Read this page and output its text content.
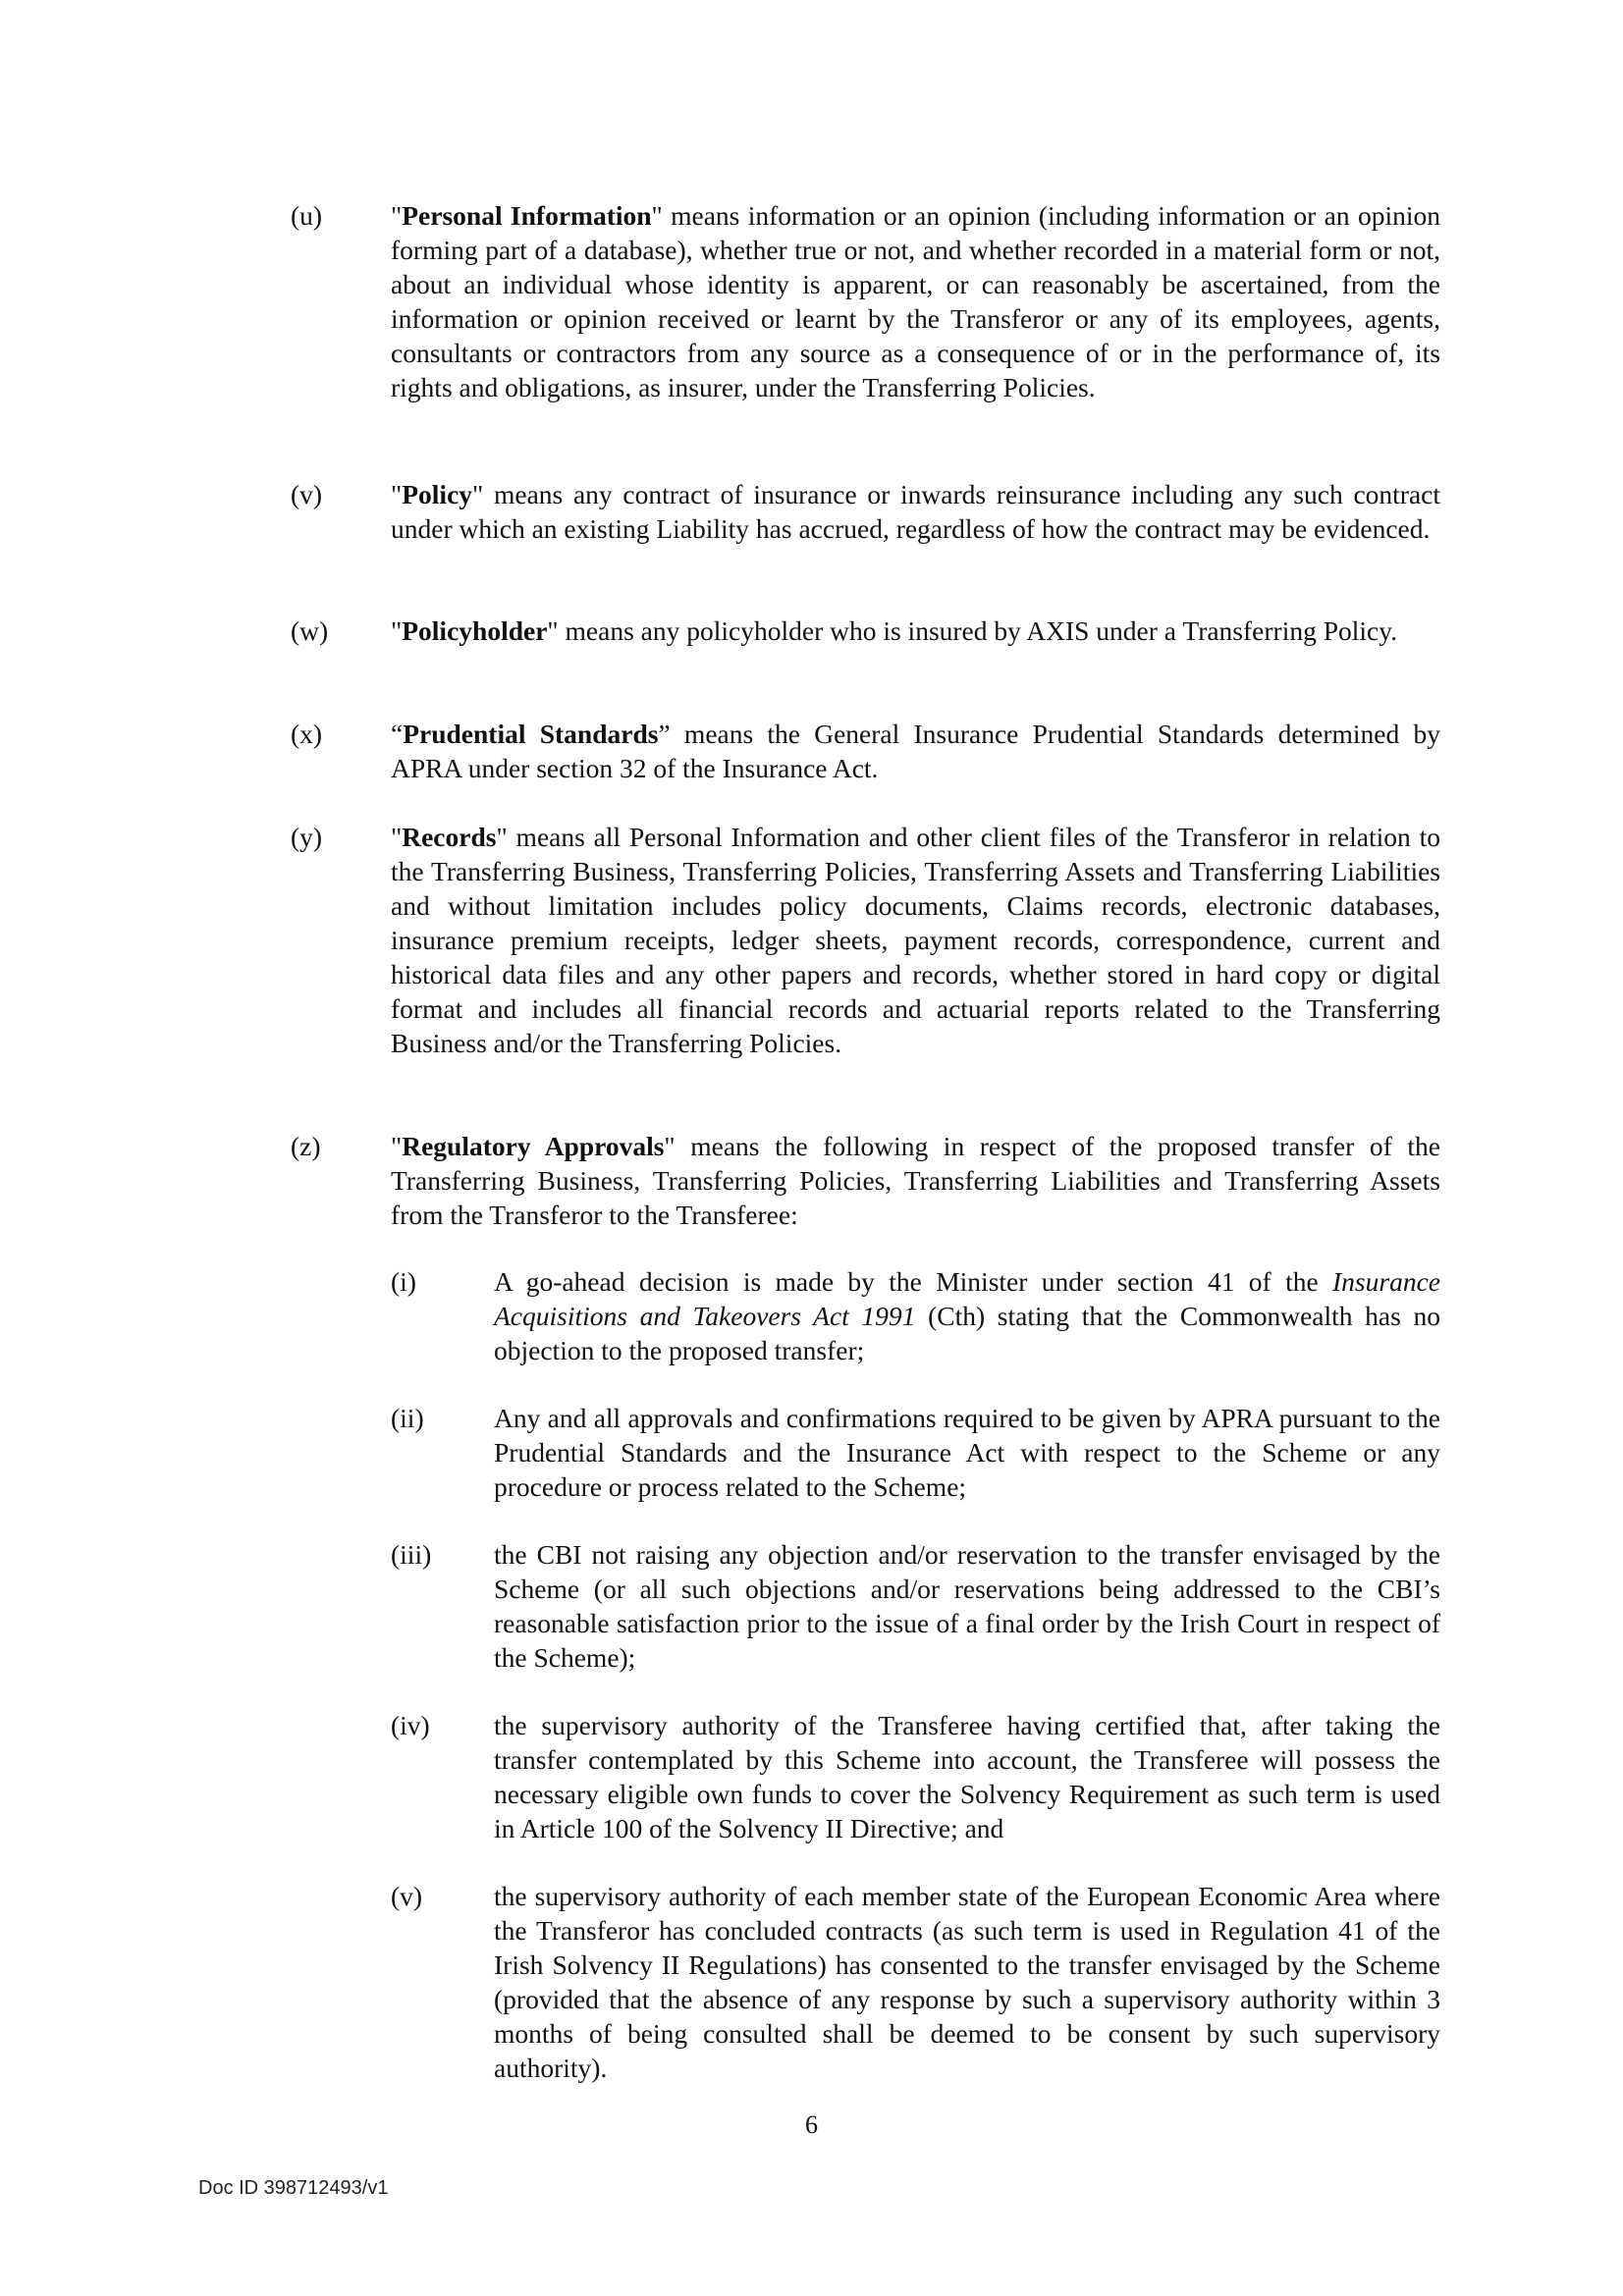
(u)	"Personal Information" means information or an opinion (including information or an opinion forming part of a database), whether true or not, and whether recorded in a material form or not, about an individual whose identity is apparent, or can reasonably be ascertained, from the information or opinion received or learnt by the Transferor or any of its employees, agents, consultants or contractors from any source as a consequence of or in the performance of, its rights and obligations, as insurer, under the Transferring Policies.
(v)	"Policy" means any contract of insurance or inwards reinsurance including any such contract under which an existing Liability has accrued, regardless of how the contract may be evidenced.
(w)	"Policyholder" means any policyholder who is insured by AXIS under a Transferring Policy.
(x)	“Prudential Standards” means the General Insurance Prudential Standards determined by APRA under section 32 of the Insurance Act.
(y)	"Records" means all Personal Information and other client files of the Transferor in relation to the Transferring Business, Transferring Policies, Transferring Assets and Transferring Liabilities and without limitation includes policy documents, Claims records, electronic databases, insurance premium receipts, ledger sheets, payment records, correspondence, current and historical data files and any other papers and records, whether stored in hard copy or digital format and includes all financial records and actuarial reports related to the Transferring Business and/or the Transferring Policies.
(z)	"Regulatory Approvals" means the following in respect of the proposed transfer of the Transferring Business, Transferring Policies, Transferring Liabilities and Transferring Assets from the Transferor to the Transferee:
(i)	A go-ahead decision is made by the Minister under section 41 of the Insurance Acquisitions and Takeovers Act 1991 (Cth) stating that the Commonwealth has no objection to the proposed transfer;
(ii)	Any and all approvals and confirmations required to be given by APRA pursuant to the Prudential Standards and the Insurance Act with respect to the Scheme or any procedure or process related to the Scheme;
(iii)	the CBI not raising any objection and/or reservation to the transfer envisaged by the Scheme (or all such objections and/or reservations being addressed to the CBI’s reasonable satisfaction prior to the issue of a final order by the Irish Court in respect of the Scheme);
(iv)	the supervisory authority of the Transferee having certified that, after taking the transfer contemplated by this Scheme into account, the Transferee will possess the necessary eligible own funds to cover the Solvency Requirement as such term is used in Article 100 of the Solvency II Directive; and
(v)	the supervisory authority of each member state of the European Economic Area where the Transferor has concluded contracts (as such term is used in Regulation 41 of the Irish Solvency II Regulations) has consented to the transfer envisaged by the Scheme (provided that the absence of any response by such a supervisory authority within 3 months of being consulted shall be deemed to be consent by such supervisory authority).
6
Doc ID 398712493/v1
